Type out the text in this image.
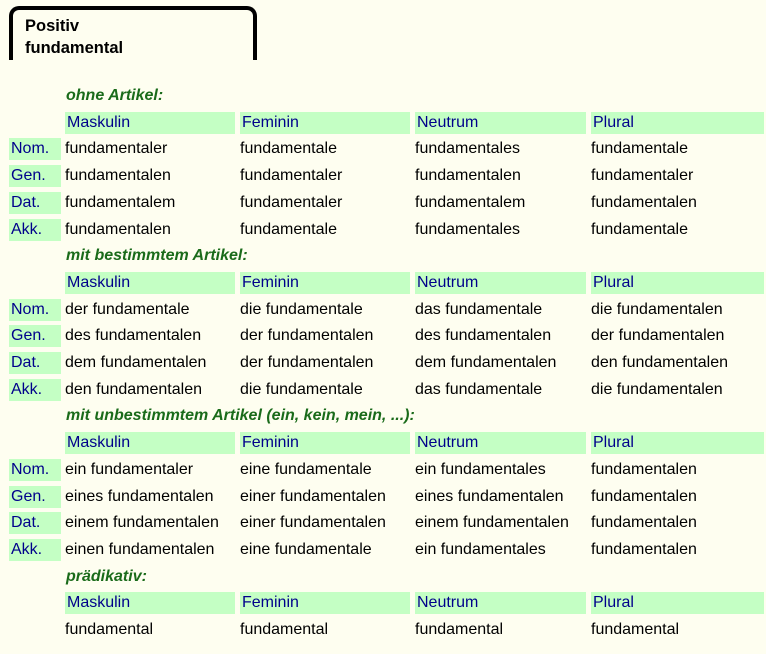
Positiv
fundamental
ohne Artikel:
Maskulin	Feminin	Neutrum	Plural
Nom. fundamentaler	fundamentale	fundamentales	fundamentale
Gen.	fundamentalen	fundamentaler	fundamentalen	fundamentaler
Dat.	fundamentalem	fundamentaler	fundamentalem	fundamentalen
Akk.	fundamentalen	fundamentale	fundamentales	fundamentale
mit bestimmtem Artikel:
Maskulin	Feminin	Neutrum	Plural
Nom. der fundamentale	die fundamentale	das fundamentale	die fundamentalen
Gen.	des fundamentalen	der fundamentalen	des fundamentalen	der fundamentalen
Dat.	dem fundamentalen	der fundamentalen	dem fundamentalen	den fundamentalen
Akk.	den fundamentalen	die fundamentale	das fundamentale	die fundamentalen
mit unbestimmtem Artikel (ein, kein, mein, ...):
Maskulin	Feminin	Neutrum	Plural
Nom. ein fundamentaler	eine fundamentale	ein fundamentales	fundamentalen
Gen.	eines fundamentalen	einer fundamentalen	eines fundamentalen	fundamentalen
Dat.	einem fundamentalen	einer fundamentalen	einem fundamentalen	fundamentalen
Akk.	einen fundamentalen	eine fundamentale	ein fundamentales	fundamentalen
prädikativ:
Maskulin	Feminin	Neutrum	Plural
fundamental	fundamental	fundamental	fundamental
